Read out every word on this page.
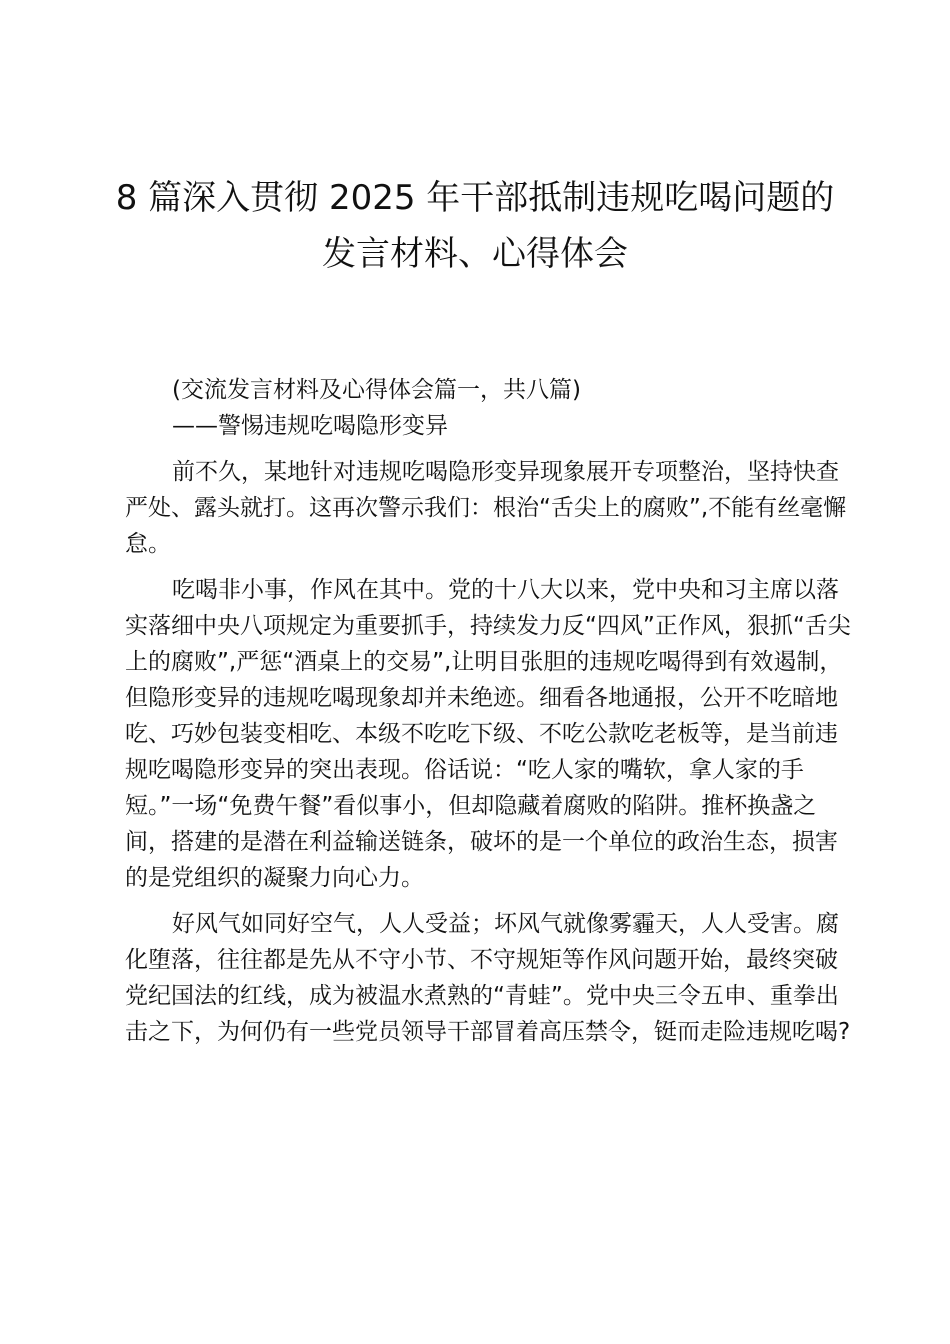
8 篇深入贯彻 2025 年干部抵制违规吃喝问题的
发言材料、心得体会
(交流发言材料及心得体会篇一，共八篇)
——警惕违规吃喝隐形变异
前不久，某地针对违规吃喝隐形变异现象展开专项整治，坚持快查
严处、露头就打。这再次警示我们：根治“舌尖上的腐败”,不能有丝毫懈
怠。
吃喝非小事，作风在其中。党的十八大以来，党中央和习主席以落
实落细中央八项规定为重要抓手，持续发力反“四风”正作风，狠抓“舌尖
上的腐败”,严惩“酒桌上的交易”,让明目张胆的违规吃喝得到有效遏制，
但隐形变异的违规吃喝现象却并未绝迹。细看各地通报，公开不吃暗地
吃、巧妙包装变相吃、本级不吃吃下级、不吃公款吃老板等，是当前违
规吃喝隐形变异的突出表现。俗话说：“吃人家的嘴软，拿人家的手
短。”一场“免费午餐”看似事小，但却隐藏着腐败的陷阱。推杯换盏之
间，搭建的是潜在利益输送链条，破坏的是一个单位的政治生态，损害
的是党组织的凝聚力向心力。
好风气如同好空气，人人受益；坏风气就像雾霾天，人人受害。腐
化堕落，往往都是先从不守小节、不守规矩等作风问题开始，最终突破
党纪国法的红线，成为被温水煮熟的“青蛙”。党中央三令五申、重拳出
击之下，为何仍有一些党员领导干部冒着高压禁令，铤而走险违规吃喝?
